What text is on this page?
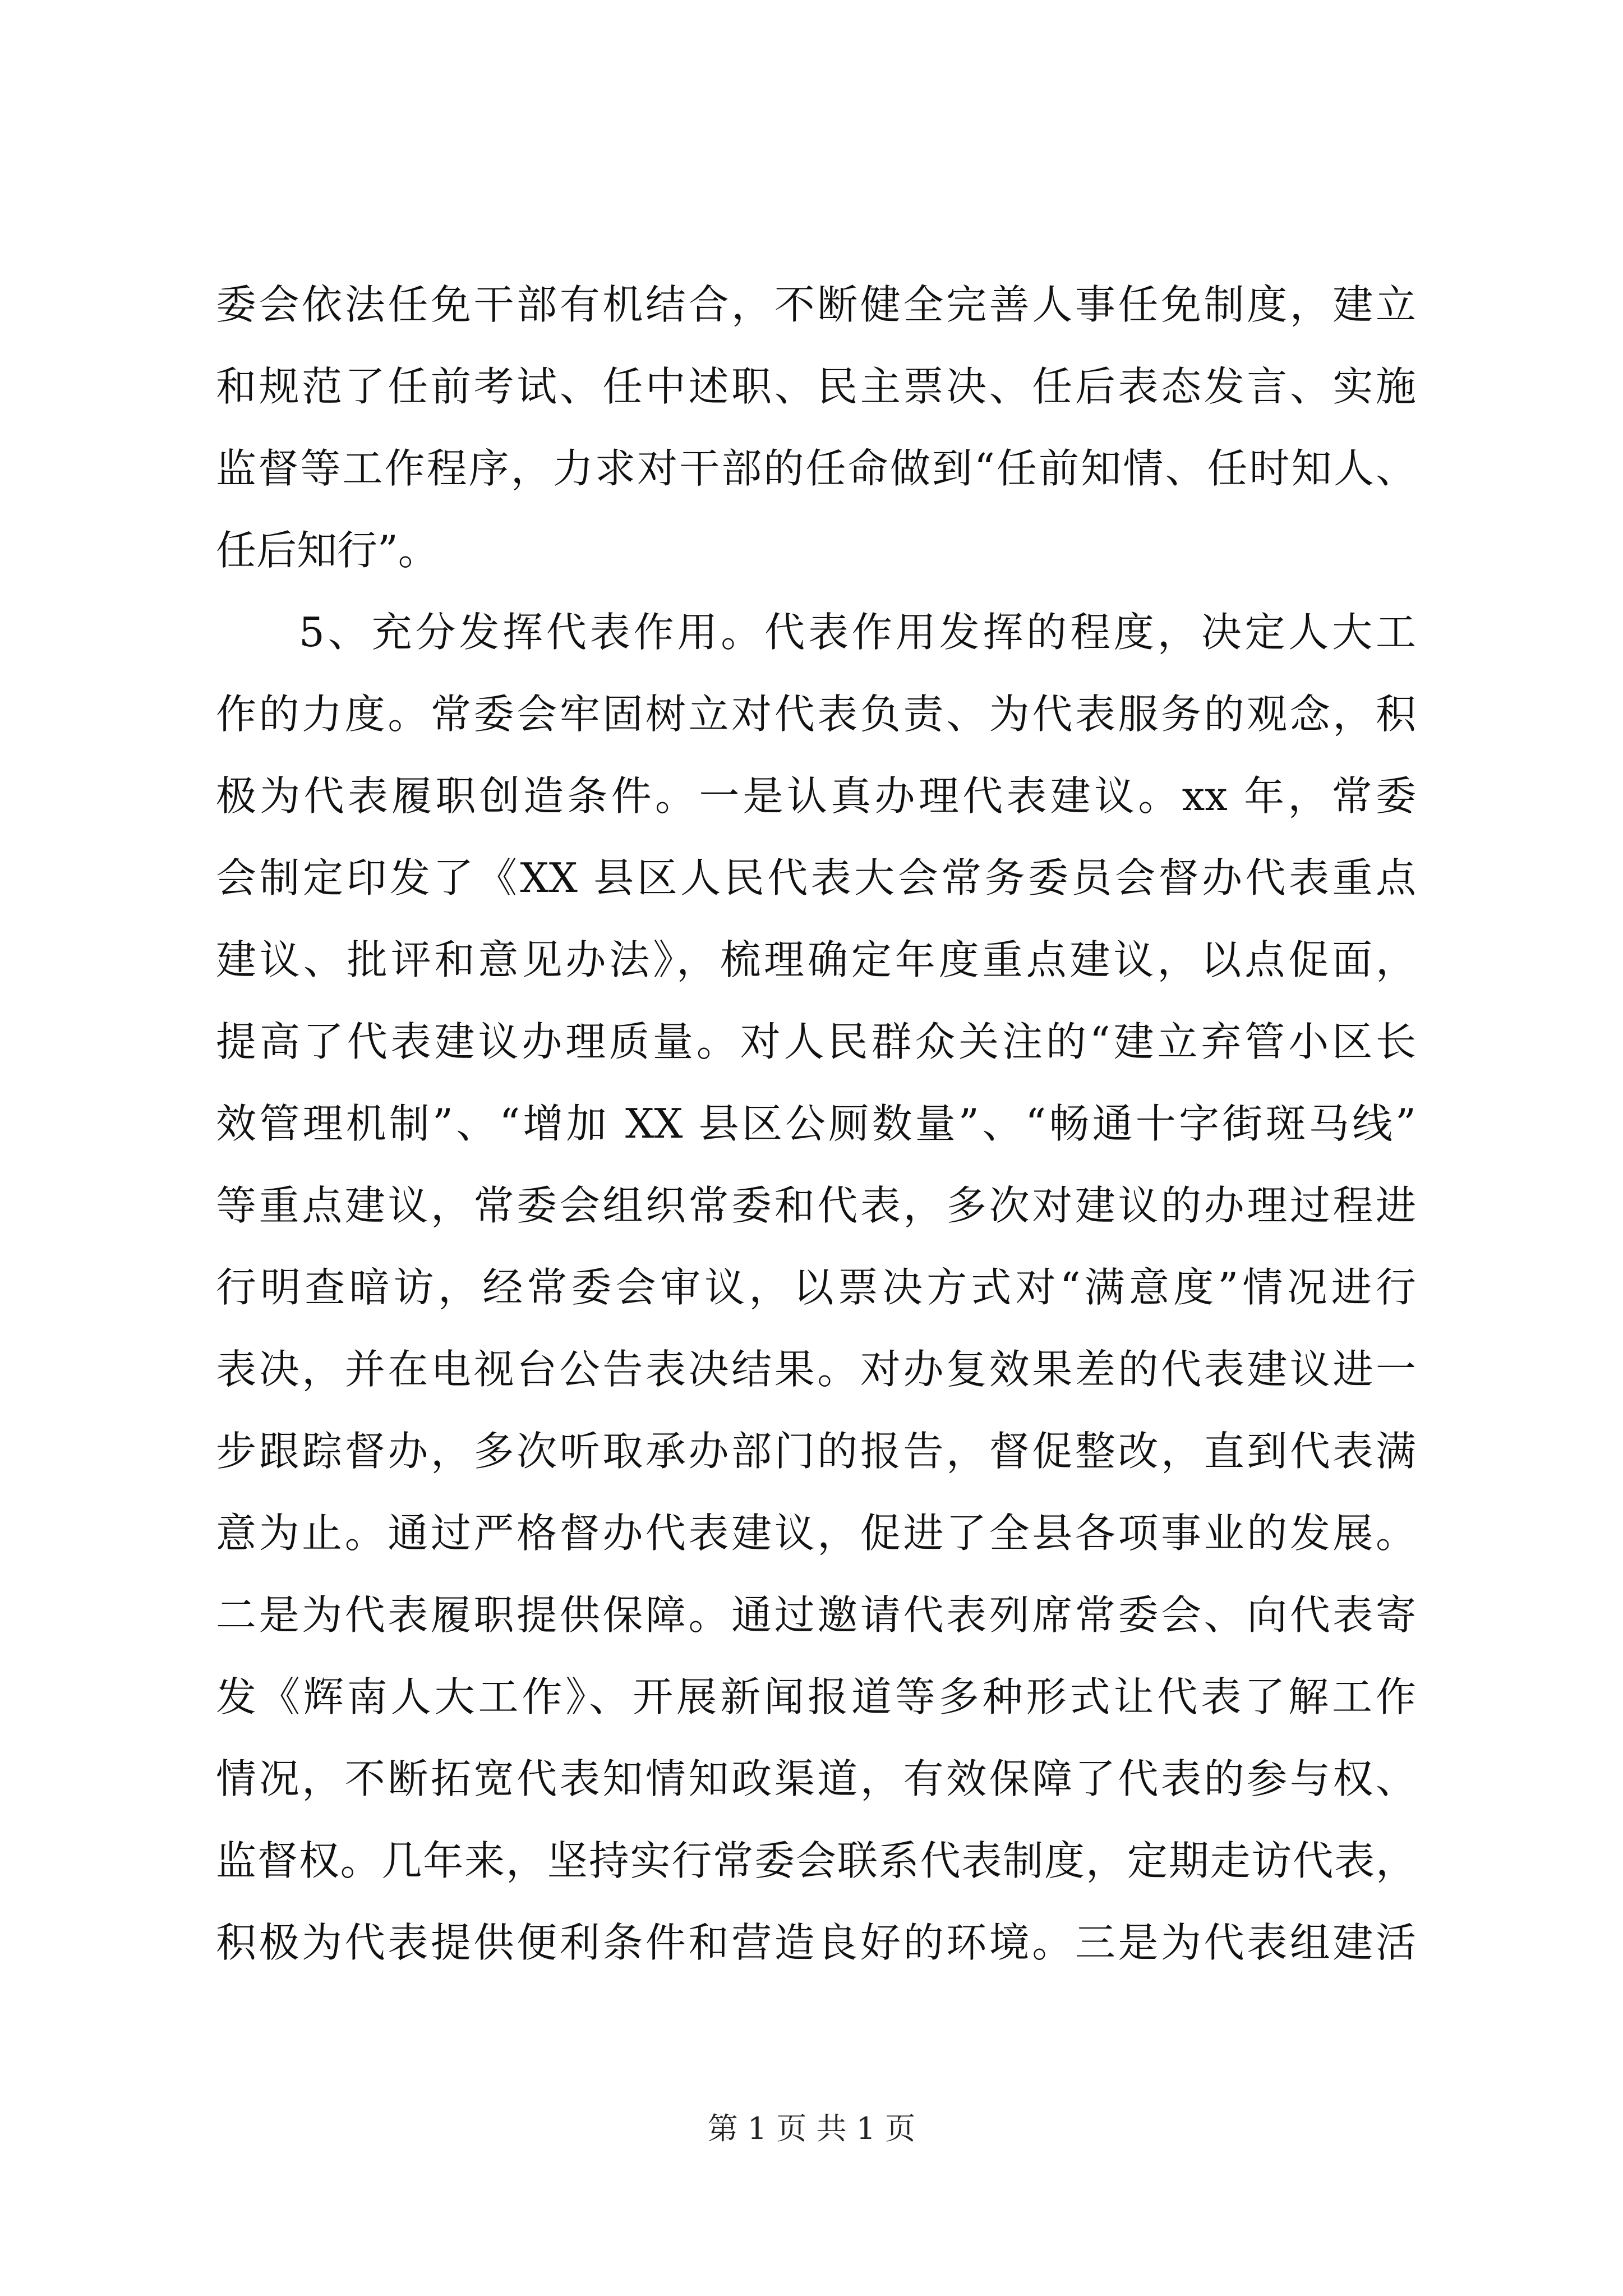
委会依法任免干部有机结合，不断健全完善人事任免制度，建立
和规范了任前考试、任中述职、民主票决、任后表态发言、实施
监督等工作程序，力求对干部的任命做到“任前知情、任时知人、
任后知行”。
5、充分发挥代表作用。代表作用发挥的程度，决定人大工
作的力度。常委会牢固树立对代表负责、为代表服务的观念，积
极为代表履职创造条件。一是认真办理代表建议。xx 年，常委
会制定印发了《XX 县区人民代表大会常务委员会督办代表重点
建议、批评和意见办法》，梳理确定年度重点建议，以点促面，
提高了代表建议办理质量。对人民群众关注的“建立弃管小区长
效管理机制”、“增加 XX 县区公厕数量”、“畅通十字街斑马线”
等重点建议，常委会组织常委和代表，多次对建议的办理过程进
行明查暗访，经常委会审议，以票决方式对“满意度”情况进行
表决，并在电视台公告表决结果。对办复效果差的代表建议进一
步跟踪督办，多次听取承办部门的报告，督促整改，直到代表满
意为止。通过严格督办代表建议，促进了全县各项事业的发展。
二是为代表履职提供保障。通过邀请代表列席常委会、向代表寄
发《辉南人大工作》、开展新闻报道等多种形式让代表了解工作
情况，不断拓宽代表知情知政渠道，有效保障了代表的参与权、
监督权。几年来，坚持实行常委会联系代表制度，定期走访代表，
积极为代表提供便利条件和营造良好的环境。三是为代表组建活
第 1 页 共 1 页
